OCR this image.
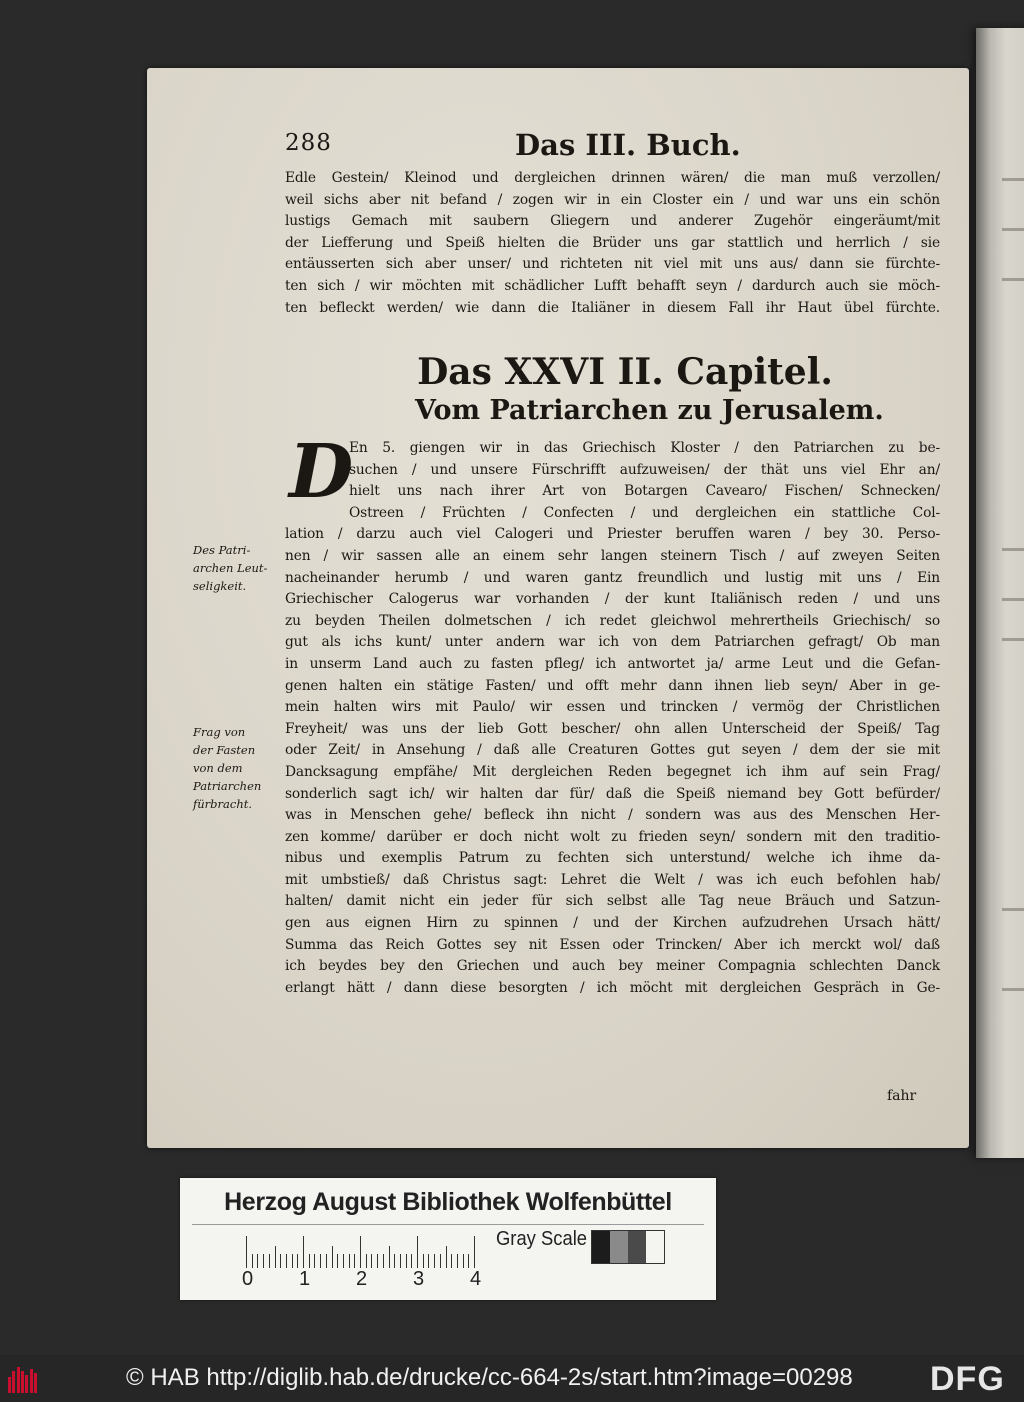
288	Das III. Buch.
Edle Gestein/ Kleinod und dergleichen drinnen wären/ die man muß verzollen/
weil sichs aber nit befand / zogen wir in ein Closter ein / und war uns ein schön
lustigs Gemach mit saubern Gliegern und anderer Zugehör eingeräumt/mit
der Liefferung und Speiß hielten die Brüder uns gar stattlich und herrlich / sie
entäusserten sich aber unser/ und richteten nit viel mit uns aus/ dann sie fürchte-
ten sich / wir möchten mit schädlicher Lufft behafft seyn / dardurch auch sie möch-
ten befleckt werden/ wie dann die Italiäner in diesem Fall ihr Haut übel fürchte.
Das XXVI II. Capitel.
Vom Patriarchen zu Jerusalem.
D
En 5. giengen wir in das Griechisch Kloster / den Patriarchen zu be-
suchen / und unsere Fürschrifft aufzuweisen/ der thät uns viel Ehr an/
hielt uns nach ihrer Art von Botargen Cavearo/ Fischen/ Schnecken/
Ostreen / Früchten / Confecten / und dergleichen ein stattliche Col-
lation / darzu auch viel Calogeri und Priester beruffen waren / bey 30. Perso-
nen / wir sassen alle an einem sehr langen steinern Tisch / auf zweyen Seiten
nacheinander herumb / und waren gantz freundlich und lustig mit uns / Ein
Griechischer Calogerus war vorhanden / der kunt Italiänisch reden / und uns
zu beyden Theilen dolmetschen / ich redet gleichwol mehrertheils Griechisch/ so
gut als ichs kunt/ unter andern war ich von dem Patriarchen gefragt/ Ob man
in unserm Land auch zu fasten pfleg/ ich antwortet ja/ arme Leut und die Gefan-
genen halten ein stätige Fasten/ und offt mehr dann ihnen lieb seyn/ Aber in ge-
mein halten wirs mit Paulo/ wir essen und trincken / vermög der Christlichen
Freyheit/ was uns der lieb Gott bescher/ ohn allen Unterscheid der Speiß/ Tag
oder Zeit/ in Ansehung / daß alle Creaturen Gottes gut seyen / dem der sie mit
Dancksagung empfähe/ Mit dergleichen Reden begegnet ich ihm auf sein Frag/
sonderlich sagt ich/ wir halten dar für/ daß die Speiß niemand bey Gott befürder/
was in Menschen gehe/ befleck ihn nicht / sondern was aus des Menschen Her-
zen komme/ darüber er doch nicht wolt zu frieden seyn/ sondern mit den traditio-
nibus und exemplis Patrum zu fechten sich unterstund/ welche ich ihme da-
mit umbstieß/ daß Christus sagt: Lehret die Welt / was ich euch befohlen hab/
halten/ damit nicht ein jeder für sich selbst alle Tag neue Bräuch und Satzun-
gen aus eignen Hirn zu spinnen / und der Kirchen aufzudrehen Ursach hätt/
Summa das Reich Gottes sey nit Essen oder Trincken/ Aber ich merckt wol/ daß
ich beydes bey den Griechen und auch bey meiner Compagnia schlechten Danck
erlangt hätt / dann diese besorgten / ich möcht mit dergleichen Gespräch in Ge-
Des Patri-
archen Leut-
seligkeit.
Frag von
der Fasten
von dem
Patriarchen
fürbracht.
fahr
Herzog August Bibliothek Wolfenbüttel
0 1 2 3 4
Gray Scale
© HAB http://diglib.hab.de/drucke/cc-664-2s/start.htm?image=00298 DFG
